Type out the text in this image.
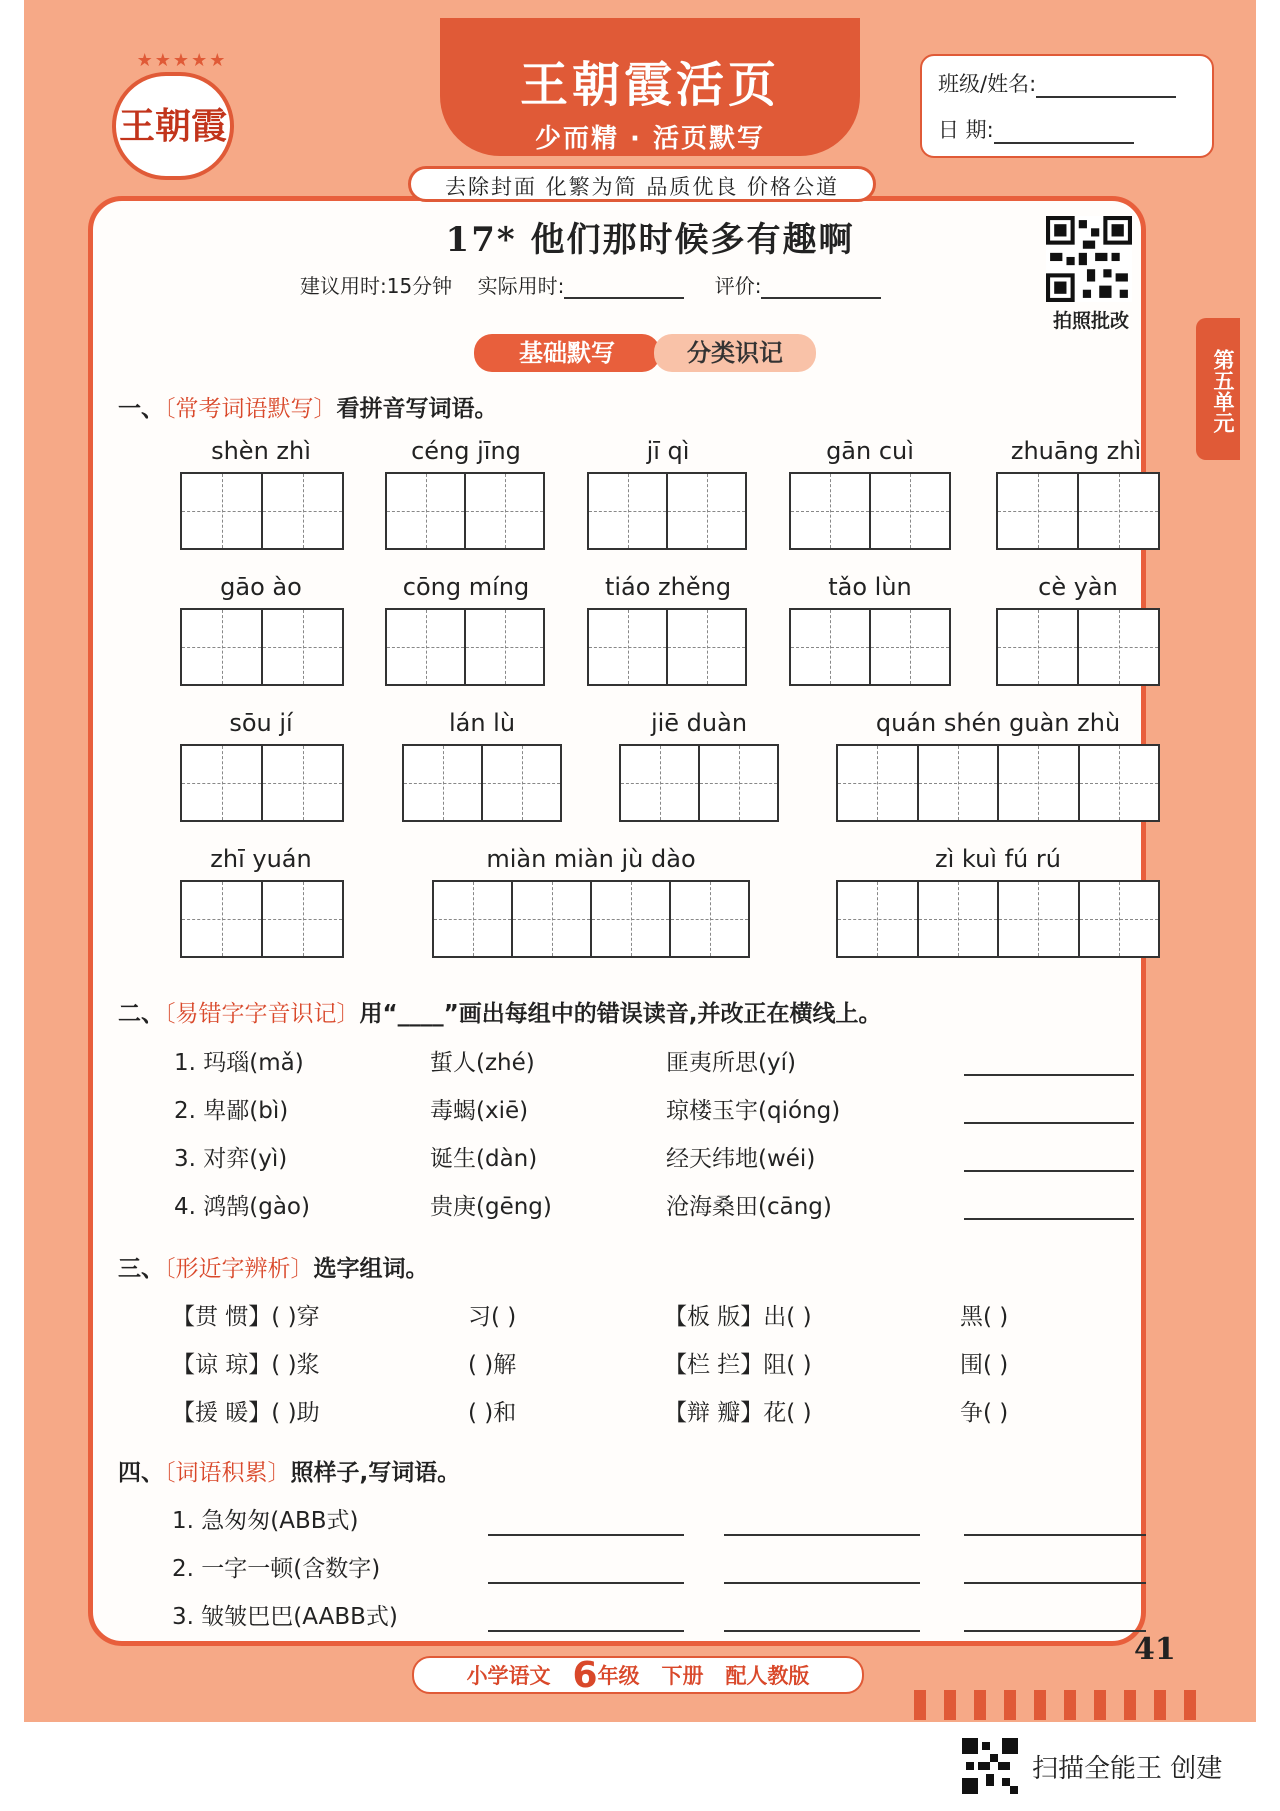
王朝霞活页
少而精 · 活页默写
★★★★★
王朝霞
班级/姓名:
日 期:
去除封面 化繁为简 品质优良 价格公道
17* 他们那时候多有趣啊
建议用时:15分钟 实际用时:	评价:
拍照批改
第五单元
基础默写	分类识记
一、〔常考词语默写〕看拼音写词语。
shèn zhì	céng jīng	jī qì	gān cuì	zhuāng zhì
gāo ào	cōng míng	tiáo zhěng	tǎo lùn	cè yàn
sōu jí	lán lù	jiē duàn	quán shén guàn zhù
zhī yuán	miàn miàn jù dào	zì kuì fú rú
二、〔易错字字音识记〕用“____”画出每组中的错误读音,并改正在横线上。
1. 玛瑙(mǎ)	蜇人(zhé)	匪夷所思(yí)
2. 卑鄙(bì)	毒蝎(xiē)	琼楼玉宇(qióng)
3. 对弈(yì)	诞生(dàn)	经天纬地(wéi)
4. 鸿鹄(gào)	贵庚(gēng)	沧海桑田(cāng)
三、〔形近字辨析〕选字组词。
【贯 惯】( )穿	习( )	【板 版】出( )	黑( )
【谅 琼】( )浆	( )解	【栏 拦】阻( )	围( )
【援 暖】( )助	( )和	【辩 瓣】花( )	争( )
四、〔词语积累〕照样子,写词语。
1. 急匆匆(ABB式)
2. 一字一顿(含数字)
3. 皱皱巴巴(AABB式)
41
小学语文 6年级 下册 配人教版
扫描全能王 创建
